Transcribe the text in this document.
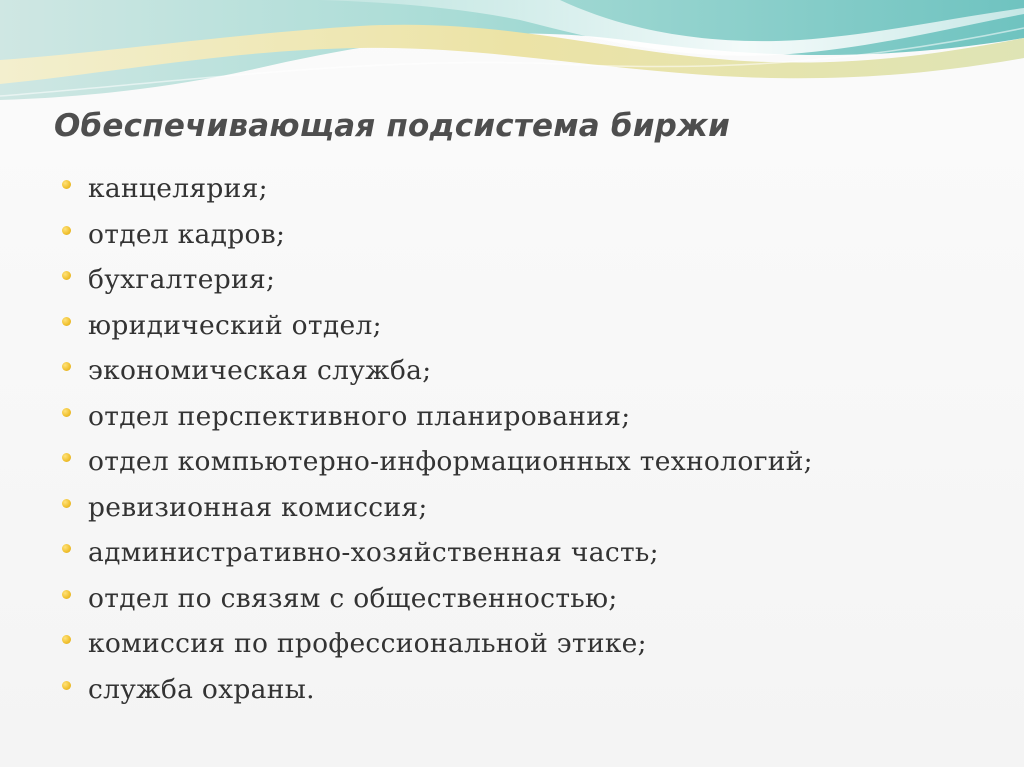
Обеспечивающая подсистема биржи
канцелярия;
отдел кадров;
бухгалтерия;
юридический отдел;
экономическая служба;
отдел перспективного планирования;
отдел компьютерно-информационных технологий;
ревизионная комиссия;
административно-хозяйственная часть;
отдел по связям с общественностью;
комиссия по профессиональной этике;
служба охраны.
